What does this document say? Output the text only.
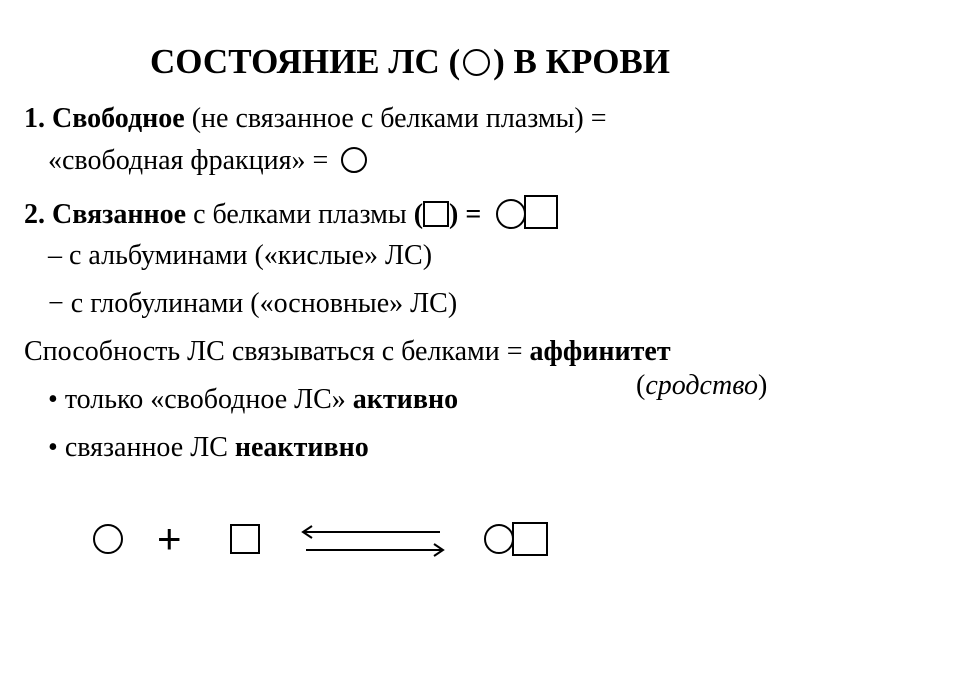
СОСТОЯНИЕ ЛС ( ) В КРОВИ
1. Свободное (не связанное с белками плазмы) =
«свободная фракция» =
2. Связанное с белками плазмы ( ) =
– с альбуминами («кислые» ЛС)
− с глобулинами («основные» ЛС)
Способность ЛС связываться с белками = аффинитет
(сродство)
• только «свободное ЛС» активно
• связанное ЛС неактивно
+
